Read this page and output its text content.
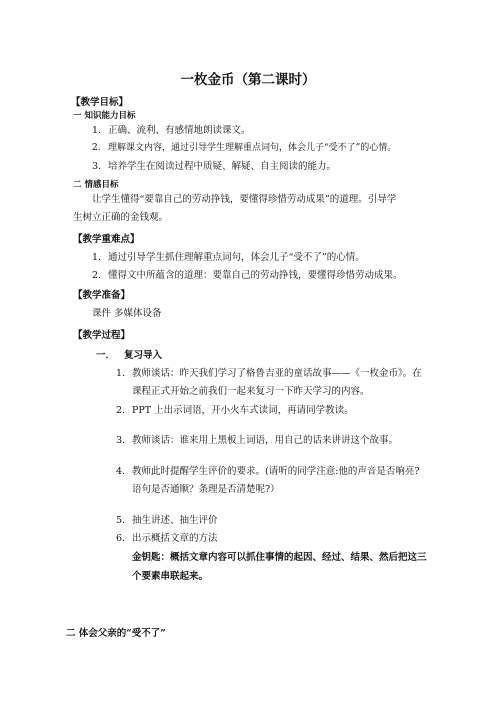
一枚金币（第二课时）
【教学目标】
一 知识能力目标
1. 正确、流利、有感情地朗读课文。
2. 理解课文内容，通过引导学生理解重点词句，体会儿子“受不了”的心情。
3. 培养学生在阅读过程中质疑、解疑、自主阅读的能力。
二 情感目标
让学生懂得“要靠自己的劳动挣钱，要懂得珍惜劳动成果”的道理。引导学
生树立正确的金钱观。
【教学重难点】
1. 通过引导学生抓住理解重点词句，体会儿子“受不了”的心情。
2. 懂得文中所蕴含的道理：要靠自己的劳动挣钱，要懂得珍惜劳动成果。
【教学准备】
课件 多媒体设备
【教学过程】
一． 复习导入
1. 教师谈话：昨天我们学习了格鲁吉亚的童话故事——《一枚金币》。在
课程正式开始之前我们一起来复习一下昨天学习的内容。
2. PPT 上出示词语，开小火车式读词，再请同学教读。
3. 教师谈话：谁来用上黑板上词语，用自己的话来讲讲这个故事。
4. 教师此时提醒学生评价的要求。(请听的同学注意:他的声音是否响亮?
语句是否通顺？条理是否清楚呢?）
5. 抽生讲述、抽生评价
6. 出示概括文章的方法
金钥匙：概括文章内容可以抓住事情的起因、经过、结果、然后把这三
个要素串联起来。
二 体会父亲的“受不了”
